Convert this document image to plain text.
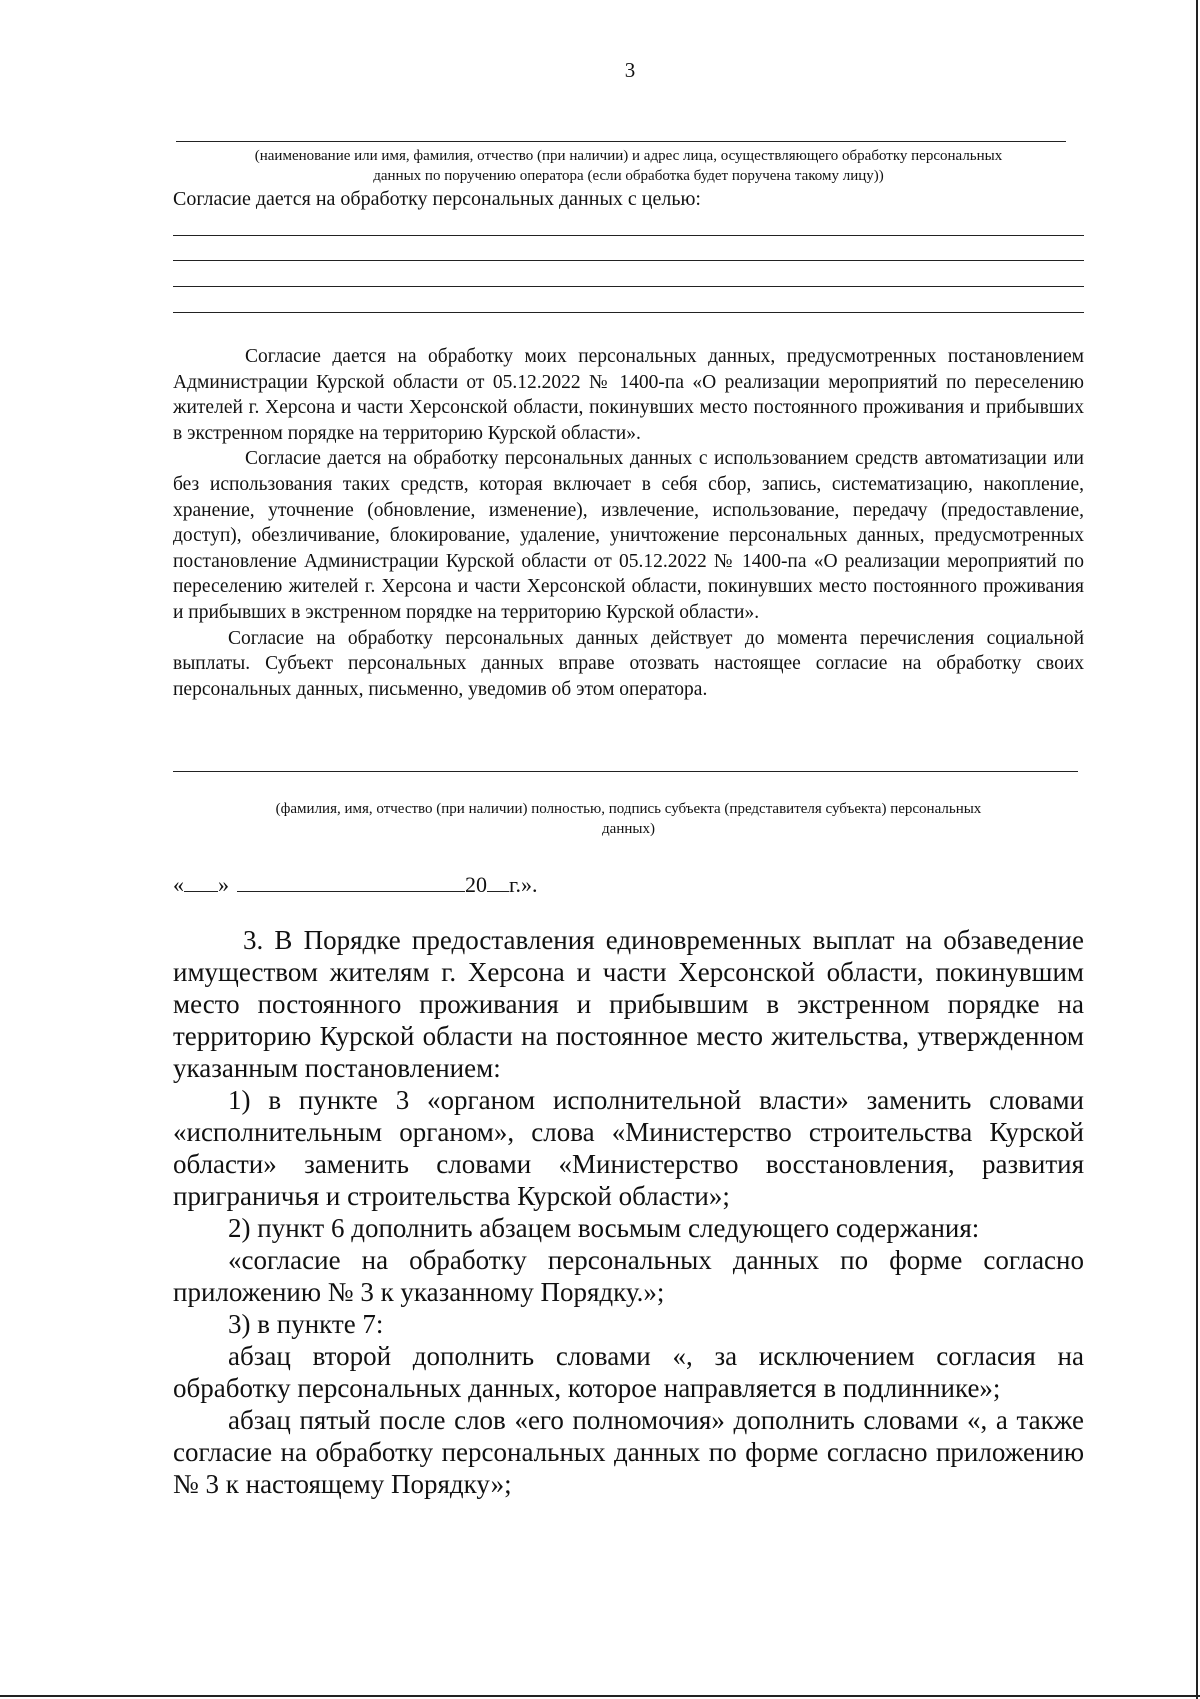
3

(наименование или имя, фамилия, отчество (при наличии) и адрес лица, осуществляющего обработку персональных

данных по поручению оператора (если обработка будет поручена такому лицу))

Согласие дается на обработку персональных данных с целью:

Согласие дается на обработку моих персональных данных, предусмотренных постановлением Администрации Курской области от 05.12.2022 № 1400-па «О реализации мероприятий по переселению жителей г. Херсона и части Херсонской области, покинувших место постоянного проживания и прибывших в экстренном порядке на территорию Курской области».

Согласие дается на обработку персональных данных с использованием средств автоматизации или без использования таких средств, которая включает в себя сбор, запись, систематизацию, накопление, хранение, уточнение (обновление, изменение), извлечение, использование, передачу (предоставление, доступ), обезличивание, блокирование, удаление, уничтожение персональных данных, предусмотренных постановление Администрации Курской области от 05.12.2022 № 1400-па «О реализации мероприятий по переселению жителей г. Херсона и части Херсонской области, покинувших место постоянного проживания и прибывших в экстренном порядке на территорию Курской области».

Согласие на обработку персональных данных действует до момента перечисления социальной выплаты. Субъект персональных данных вправе отозвать настоящее согласие на обработку своих персональных данных, письменно, уведомив об этом оператора.

(фамилия, имя, отчество (при наличии) полностью, подпись субъекта (представителя субъекта) персональных

данных)

« »	20 г.».

3. В Порядке предоставления единовременных выплат на обзаведение имуществом жителям г. Херсона и части Херсонской области, покинувшим место постоянного проживания и прибывшим в экстренном порядке на территорию Курской области на постоянное место жительства, утвержденном указанным постановлением:

1) в пункте 3 «органом исполнительной власти» заменить словами «исполнительным органом», слова «Министерство строительства Курской области» заменить словами «Министерство восстановления, развития приграничья и строительства Курской области»;

2) пункт 6 дополнить абзацем восьмым следующего содержания:

«согласие на обработку персональных данных по форме согласно приложению № 3 к указанному Порядку.»;

3) в пункте 7:

абзац второй дополнить словами «, за исключением согласия на обработку персональных данных, которое направляется в подлиннике»;

абзац пятый после слов «его полномочия» дополнить словами «, а также согласие на обработку персональных данных по форме согласно приложению № 3 к настоящему Порядку»;
